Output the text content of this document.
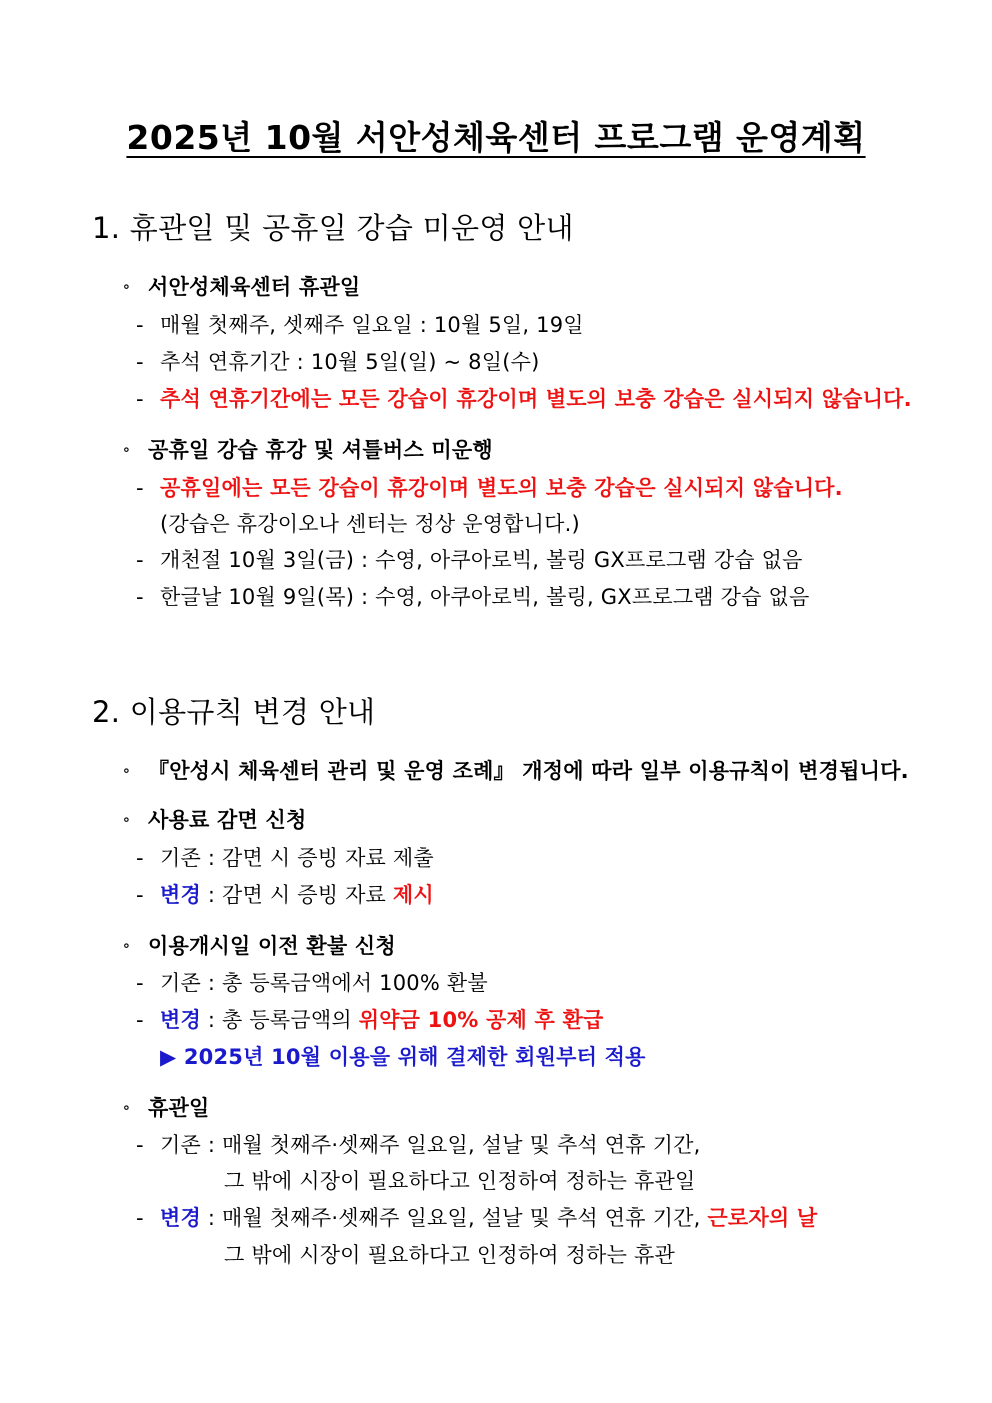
2025년 10월 서안성체육센터 프로그램 운영계획
1. 휴관일 및 공휴일 강습 미운영 안내
∘ 서안성체육센터 휴관일
- 매월 첫째주, 셋째주 일요일 : 10월 5일, 19일
- 추석 연휴기간 : 10월 5일(일) ~ 8일(수)
- 추석 연휴기간에는 모든 강습이 휴강이며 별도의 보충 강습은 실시되지 않습니다.
∘ 공휴일 강습 휴강 및 셔틀버스 미운행
- 공휴일에는 모든 강습이 휴강이며 별도의 보충 강습은 실시되지 않습니다.
(강습은 휴강이오나 센터는 정상 운영합니다.)
- 개천절 10월 3일(금) : 수영, 아쿠아로빅, 볼링 GX프로그램 강습 없음
- 한글날 10월 9일(목) : 수영, 아쿠아로빅, 볼링, GX프로그램 강습 없음
2. 이용규칙 변경 안내
∘ 『안성시 체육센터 관리 및 운영 조례』 개정에 따라 일부 이용규칙이 변경됩니다.
∘ 사용료 감면 신청
- 기존 : 감면 시 증빙 자료 제출
- 변경 : 감면 시 증빙 자료 제시
∘ 이용개시일 이전 환불 신청
- 기존 : 총 등록금액에서 100% 환불
- 변경 : 총 등록금액의 위약금 10% 공제 후 환급
▶ 2025년 10월 이용을 위해 결제한 회원부터 적용
∘ 휴관일
- 기존 : 매월 첫째주·셋째주 일요일, 설날 및 추석 연휴 기간,
그 밖에 시장이 필요하다고 인정하여 정하는 휴관일
- 변경 : 매월 첫째주·셋째주 일요일, 설날 및 추석 연휴 기간, 근로자의 날
그 밖에 시장이 필요하다고 인정하여 정하는 휴관
